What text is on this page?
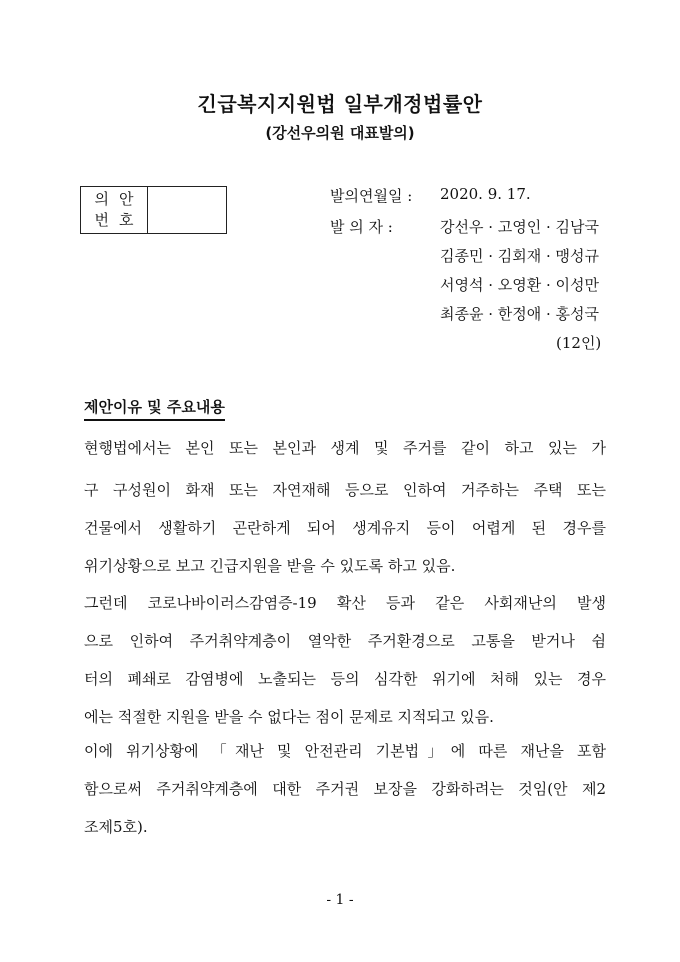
긴급복지지원법 일부개정법률안
(강선우의원 대표발의)
의안
번호
발의연월일 : 2020. 9. 17.
발 의 자 :	강선우 · 고영인 · 김남국
김종민 · 김회재 · 맹성규
서영석 · 오영환 · 이성만
최종윤 · 한정애 · 홍성국
(12인)
제안이유 및 주요내용
현행법에서는 본인 또는 본인과 생계 및 주거를 같이 하고 있는 가
구 구성원이 화재 또는 자연재해 등으로 인하여 거주하는 주택 또는
건물에서 생활하기 곤란하게 되어 생계유지 등이 어렵게 된 경우를
위기상황으로 보고 긴급지원을 받을 수 있도록 하고 있음.
그런데 코로나바이러스감염증-19 확산 등과 같은 사회재난의 발생
으로 인하여 주거취약계층이 열악한 주거환경으로 고통을 받거나 쉼
터의 폐쇄로 감염병에 노출되는 등의 심각한 위기에 처해 있는 경우
에는 적절한 지원을 받을 수 없다는 점이 문제로 지적되고 있음.
이에 위기상황에 「재난 및 안전관리 기본법」에 따른 재난을 포함
함으로써 주거취약계층에 대한 주거권 보장을 강화하려는 것임(안 제2
조제5호).
- 1 -
